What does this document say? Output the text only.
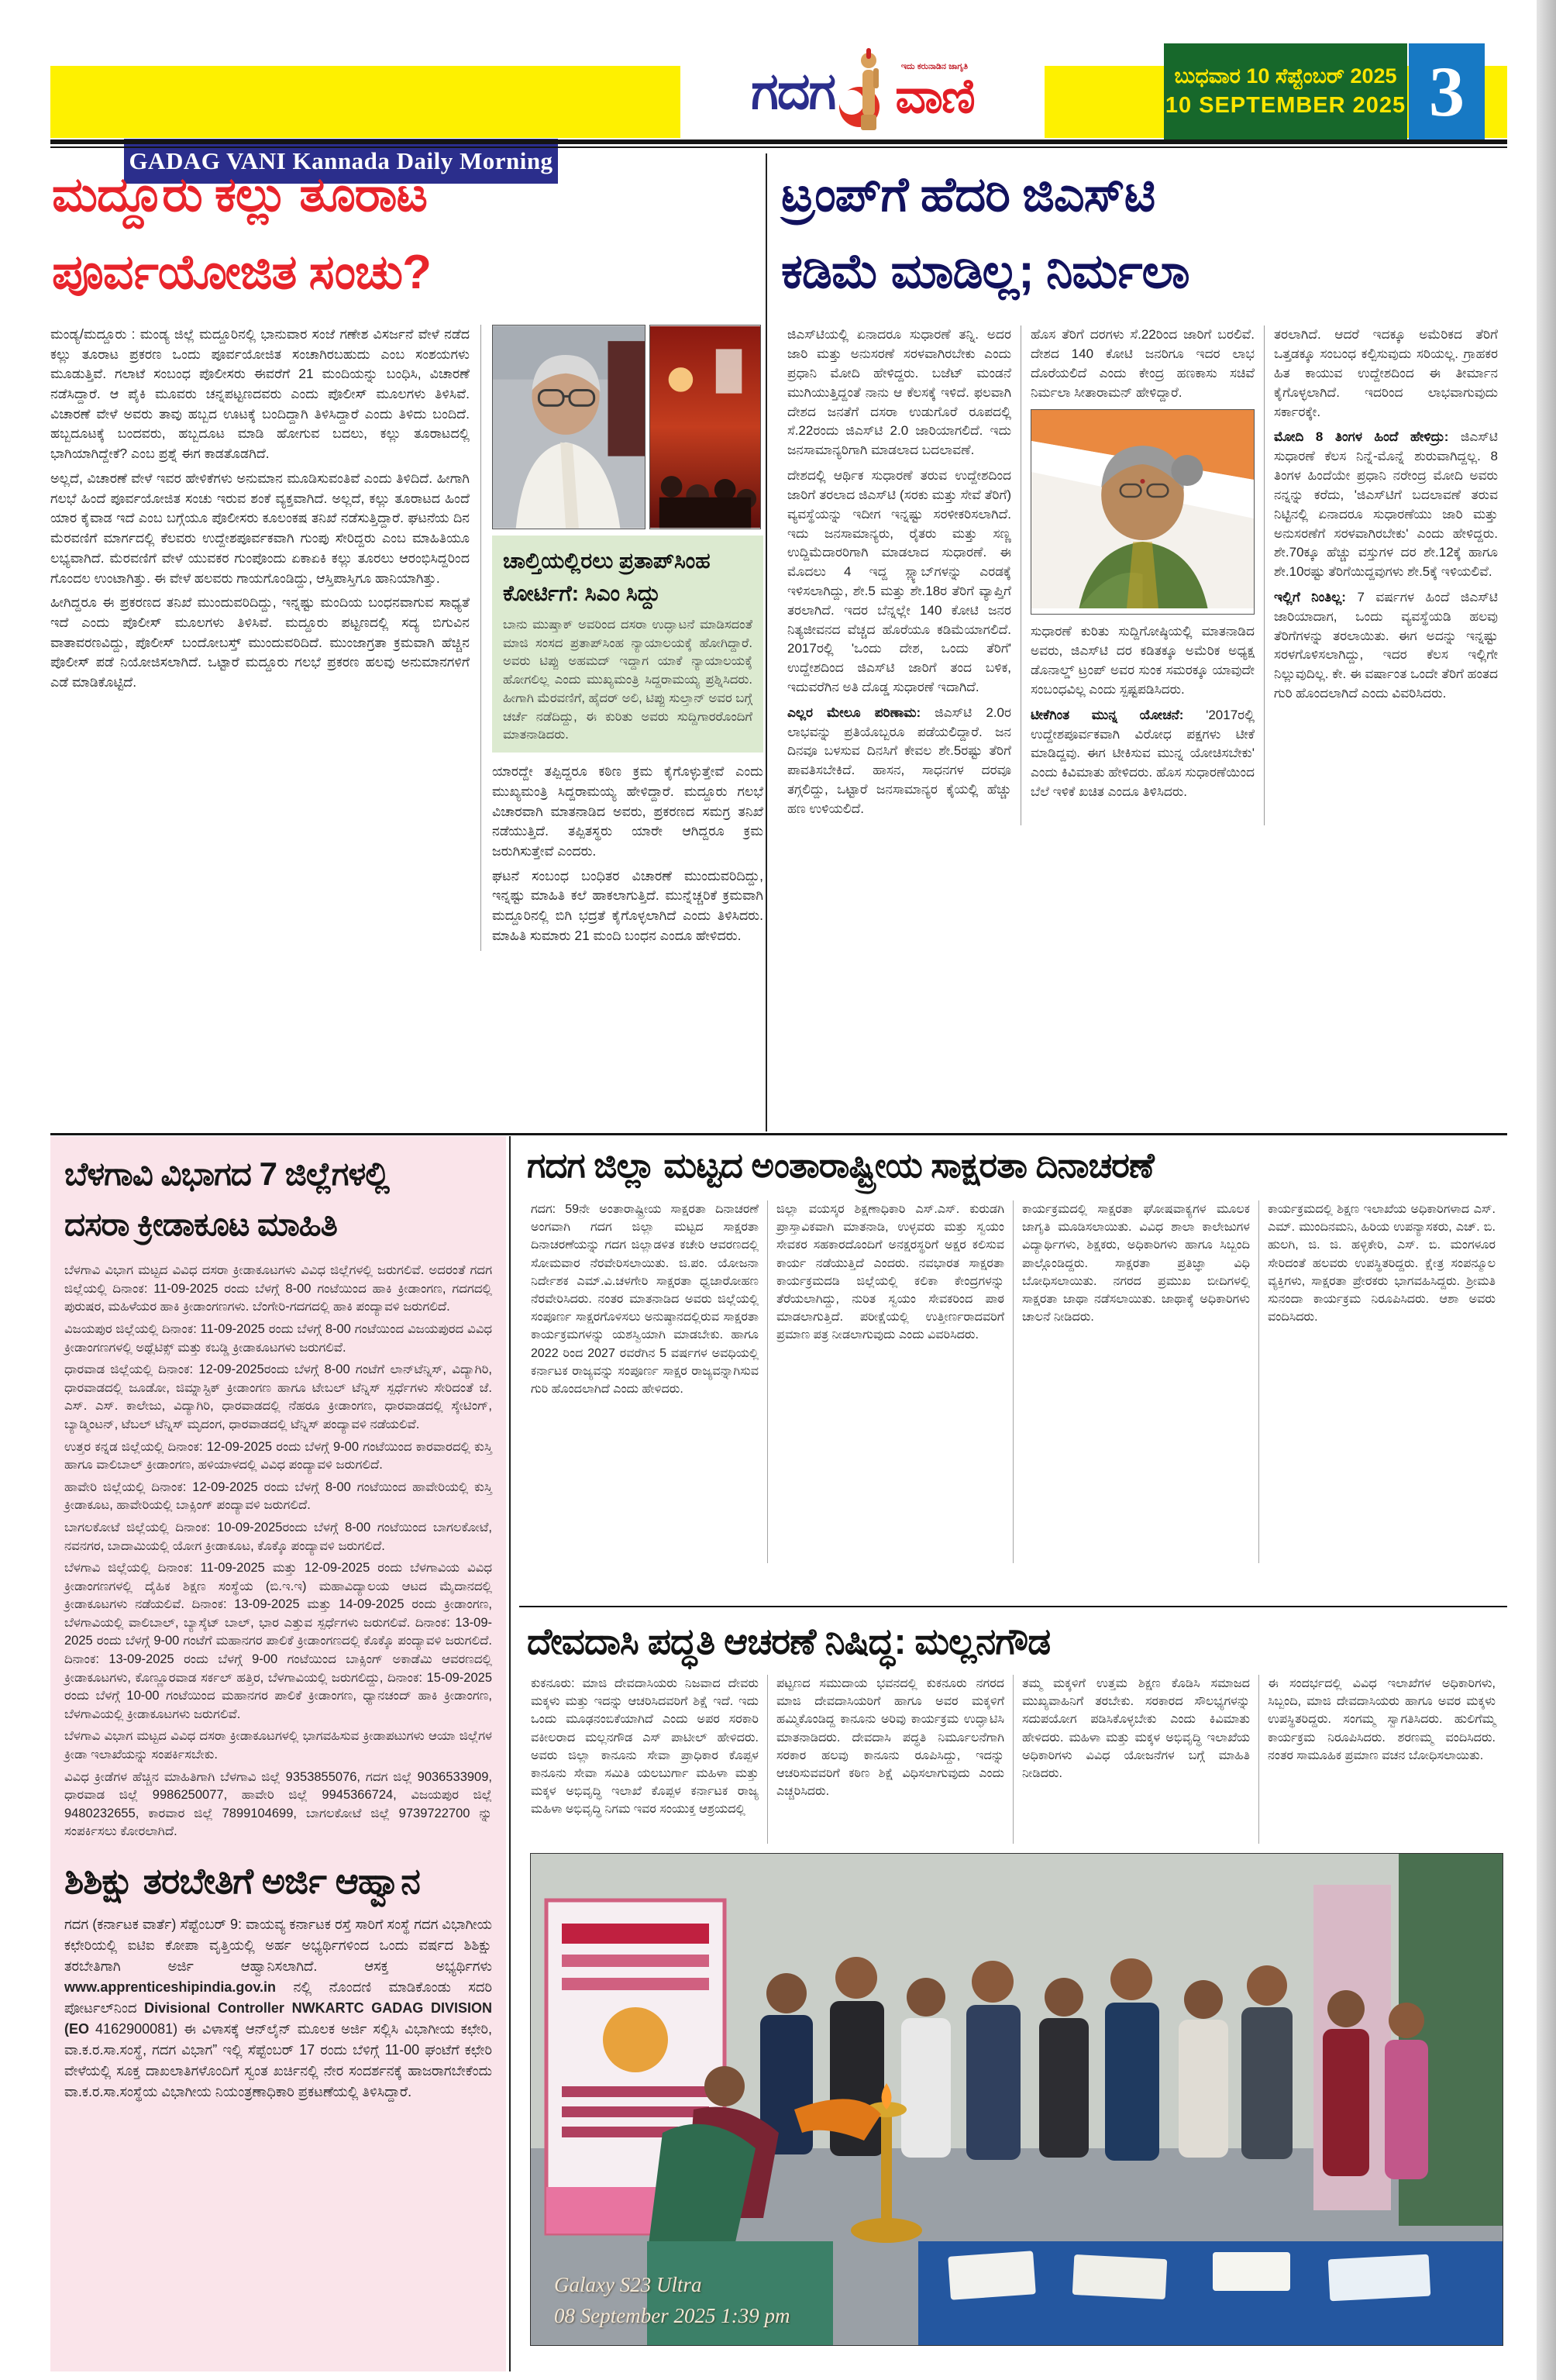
GADAG VANI Kannada Daily Morning
ಗದಗ	ಇದು ಕರುನಾಡಿನ ಜಾಗೃತಿ
ವಾಣಿ	ಬುಧವಾರ 10 ಸೆಪ್ಟೆಂಬರ್ 2025
10 SEPTEMBER 2025 3
ಮದ್ದೂರು ಕಲ್ಲು ತೂರಾಟ
ಪೂರ್ವಯೋಜಿತ ಸಂಚು?

ಮಂಡ್ಯ/ಮದ್ದೂರು : ಮಂಡ್ಯ ಜಿಲ್ಲೆ ಮದ್ದೂರಿನಲ್ಲಿ ಭಾನುವಾರ ಸಂಜೆ ಗಣೇಶ ವಿಸರ್ಜನೆ ವೇಳೆ ನಡೆದ ಕಲ್ಲು ತೂರಾಟ ಪ್ರಕರಣ ಒಂದು ಪೂರ್ವಯೋಜಿತ ಸಂಚಾಗಿರಬಹುದು ಎಂಬ ಸಂಶಯಗಳು ಮೂಡುತ್ತಿವೆ. ಗಲಾಟೆ ಸಂಬಂಧ ಪೊಲೀಸರು ಈವರೆಗೆ 21 ಮಂದಿಯನ್ನು ಬಂಧಿಸಿ, ವಿಚಾರಣೆ ನಡೆಸಿದ್ದಾರೆ. ಆ ಪೈಕಿ ಮೂವರು ಚನ್ನಪಟ್ಟಣದವರು ಎಂದು ಪೊಲೀಸ್ ಮೂಲಗಳು ತಿಳಿಸಿವೆ. ವಿಚಾರಣೆ ವೇಳೆ ಅವರು ತಾವು ಹಬ್ಬದ ಊಟಕ್ಕೆ ಬಂದಿದ್ದಾಗಿ ತಿಳಿಸಿದ್ದಾರೆ ಎಂದು ತಿಳಿದು ಬಂದಿದೆ. ಹಬ್ಬದೂಟಕ್ಕೆ ಬಂದವರು, ಹಬ್ಬದೂಟ ಮಾಡಿ ಹೋಗುವ ಬದಲು, ಕಲ್ಲು ತೂರಾಟದಲ್ಲಿ ಭಾಗಿಯಾಗಿದ್ದೇಕೆ? ಎಂಬ ಪ್ರಶ್ನೆ ಈಗ ಕಾಡತೊಡಗಿದೆ.

ಅಲ್ಲದೆ, ವಿಚಾರಣೆ ವೇಳೆ ಇವರ ಹೇಳಿಕೆಗಳು ಅನುಮಾನ ಮೂಡಿಸುವಂತಿವೆ ಎಂದು ತಿಳಿದಿದೆ. ಹೀಗಾಗಿ ಗಲಭೆ ಹಿಂದೆ ಪೂರ್ವಯೋಜಿತ ಸಂಚು ಇರುವ ಶಂಕೆ ವ್ಯಕ್ತವಾಗಿದೆ. ಅಲ್ಲದೆ, ಕಲ್ಲು ತೂರಾಟದ ಹಿಂದೆ ಯಾರ ಕೈವಾಡ ಇದೆ ಎಂಬ ಬಗ್ಗೆಯೂ ಪೊಲೀಸರು ಕೂಲಂಕಷ ತನಿಖೆ ನಡೆಸುತ್ತಿದ್ದಾರೆ. ಘಟನೆಯ ದಿನ ಮೆರವಣಿಗೆ ಮಾರ್ಗದಲ್ಲಿ ಕೆಲವರು ಉದ್ದೇಶಪೂರ್ವಕವಾಗಿ ಗುಂಪು ಸೇರಿದ್ದರು ಎಂಬ ಮಾಹಿತಿಯೂ ಲಭ್ಯವಾಗಿದೆ. ಮೆರವಣಿಗೆ ವೇಳೆ ಯುವಕರ ಗುಂಪೊಂದು ಏಕಾಏಕಿ ಕಲ್ಲು ತೂರಲು ಆರಂಭಿಸಿದ್ದರಿಂದ ಗೊಂದಲ ಉಂಟಾಗಿತ್ತು. ಈ ವೇಳೆ ಹಲವರು ಗಾಯಗೊಂಡಿದ್ದು, ಆಸ್ತಿಪಾಸ್ತಿಗೂ ಹಾನಿಯಾಗಿತ್ತು.

ಹೀಗಿದ್ದರೂ ಈ ಪ್ರಕರಣದ ತನಿಖೆ ಮುಂದುವರಿದಿದ್ದು, ಇನ್ನಷ್ಟು ಮಂದಿಯ ಬಂಧನವಾಗುವ ಸಾಧ್ಯತೆ ಇದೆ ಎಂದು ಪೊಲೀಸ್ ಮೂಲಗಳು ತಿಳಿಸಿವೆ. ಮದ್ದೂರು ಪಟ್ಟಣದಲ್ಲಿ ಸದ್ಯ ಬಿಗುವಿನ ವಾತಾವರಣವಿದ್ದು, ಪೊಲೀಸ್ ಬಂದೋಬಸ್ತ್ ಮುಂದುವರಿದಿದೆ. ಮುಂಜಾಗ್ರತಾ ಕ್ರಮವಾಗಿ ಹೆಚ್ಚಿನ ಪೊಲೀಸ್ ಪಡೆ ನಿಯೋಜಿಸಲಾಗಿದೆ. ಒಟ್ಟಾರೆ ಮದ್ದೂರು ಗಲಭೆ ಪ್ರಕರಣ ಹಲವು ಅನುಮಾನಗಳಿಗೆ ಎಡೆ ಮಾಡಿಕೊಟ್ಟಿದೆ.

ಚಾಲ್ತಿಯಲ್ಲಿರಲು ಪ್ರತಾಪ್‌ಸಿಂಹ
ಕೋರ್ಟಿಗೆ: ಸಿಎಂ ಸಿದ್ದು

ಬಾನು ಮುಷ್ತಾಕ್ ಅವರಿಂದ ದಸರಾ ಉದ್ಘಾಟನೆ ಮಾಡಿಸದಂತೆ ಮಾಜಿ ಸಂಸದ ಪ್ರತಾಪ್‌ಸಿಂಹ ನ್ಯಾಯಾಲಯಕ್ಕೆ ಹೋಗಿದ್ದಾರೆ. ಅವರು ಟಿಪ್ಪು ಅಹಮದ್ ಇದ್ದಾಗ ಯಾಕೆ ನ್ಯಾಯಾಲಯಕ್ಕೆ ಹೋಗಲಿಲ್ಲ ಎಂದು ಮುಖ್ಯಮಂತ್ರಿ ಸಿದ್ದರಾಮಯ್ಯ ಪ್ರಶ್ನಿಸಿದರು. ಹೀಗಾಗಿ ಮೆರವಣಿಗೆ, ಹೈದರ್ ಅಲಿ, ಟಿಪ್ಪು ಸುಲ್ತಾನ್ ಅವರ ಬಗ್ಗೆ ಚರ್ಚೆ ನಡೆದಿದ್ದು, ಈ ಕುರಿತು ಅವರು ಸುದ್ದಿಗಾರರೊಂದಿಗೆ ಮಾತನಾಡಿದರು.

ಯಾರದ್ದೇ ತಪ್ಪಿದ್ದರೂ ಕಠಿಣ ಕ್ರಮ ಕೈಗೊಳ್ಳುತ್ತೇವೆ ಎಂದು ಮುಖ್ಯಮಂತ್ರಿ ಸಿದ್ದರಾಮಯ್ಯ ಹೇಳಿದ್ದಾರೆ. ಮದ್ದೂರು ಗಲಭೆ ವಿಚಾರವಾಗಿ ಮಾತನಾಡಿದ ಅವರು, ಪ್ರಕರಣದ ಸಮಗ್ರ ತನಿಖೆ ನಡೆಯುತ್ತಿದೆ. ತಪ್ಪಿತಸ್ಥರು ಯಾರೇ ಆಗಿದ್ದರೂ ಕ್ರಮ ಜರುಗಿಸುತ್ತೇವೆ ಎಂದರು.

ಘಟನೆ ಸಂಬಂಧ ಬಂಧಿತರ ವಿಚಾರಣೆ ಮುಂದುವರಿದಿದ್ದು, ಇನ್ನಷ್ಟು ಮಾಹಿತಿ ಕಲೆ ಹಾಕಲಾಗುತ್ತಿದೆ. ಮುನ್ನೆಚ್ಚರಿಕೆ ಕ್ರಮವಾಗಿ ಮದ್ದೂರಿನಲ್ಲಿ ಬಿಗಿ ಭದ್ರತೆ ಕೈಗೊಳ್ಳಲಾಗಿದೆ ಎಂದು ತಿಳಿಸಿದರು. ಮಾಹಿತಿ ಸುಮಾರು 21 ಮಂದಿ ಬಂಧನ ಎಂದೂ ಹೇಳಿದರು.

ಟ್ರಂಪ್‌ಗೆ ಹೆದರಿ ಜಿಎಸ್‌ಟಿ
ಕಡಿಮೆ ಮಾಡಿಲ್ಲ; ನಿರ್ಮಲಾ

ಜಿಎಸ್‌ಟಿಯಲ್ಲಿ ಏನಾದರೂ ಸುಧಾರಣೆ ತನ್ನಿ. ಅದರ ಜಾರಿ ಮತ್ತು ಅನುಸರಣೆ ಸರಳವಾಗಿರಬೇಕು ಎಂದು ಪ್ರಧಾನಿ ಮೋದಿ ಹೇಳಿದ್ದರು. ಬಜೆಟ್ ಮಂಡನೆ ಮುಗಿಯುತ್ತಿದ್ದಂತೆ ನಾನು ಆ ಕೆಲಸಕ್ಕೆ ಇಳಿದೆ. ಫಲವಾಗಿ ದೇಶದ ಜನತೆಗೆ ದಸರಾ ಉಡುಗೊರೆ ರೂಪದಲ್ಲಿ ಸೆ.22ರಂದು ಜಿಎಸ್‌ಟಿ 2.0 ಜಾರಿಯಾಗಲಿದೆ. ಇದು ಜನಸಾಮಾನ್ಯರಿಗಾಗಿ ಮಾಡಲಾದ ಬದಲಾವಣೆ.

ದೇಶದಲ್ಲಿ ಆರ್ಥಿಕ ಸುಧಾರಣೆ ತರುವ ಉದ್ದೇಶದಿಂದ ಜಾರಿಗೆ ತರಲಾದ ಜಿಎಸ್‌ಟಿ (ಸರಕು ಮತ್ತು ಸೇವೆ ತೆರಿಗೆ) ವ್ಯವಸ್ಥೆಯನ್ನು ಇದೀಗ ಇನ್ನಷ್ಟು ಸರಳೀಕರಿಸಲಾಗಿದೆ. ಇದು ಜನಸಾಮಾನ್ಯರು, ರೈತರು ಮತ್ತು ಸಣ್ಣ ಉದ್ದಿಮೆದಾರರಿಗಾಗಿ ಮಾಡಲಾದ ಸುಧಾರಣೆ. ಈ ಮೊದಲು 4 ಇದ್ದ ಸ್ಲ್ಯಾಬ್‌ಗಳನ್ನು ಎರಡಕ್ಕೆ ಇಳಿಸಲಾಗಿದ್ದು, ಶೇ.5 ಮತ್ತು ಶೇ.18ರ ತೆರಿಗೆ ವ್ಯಾಪ್ತಿಗೆ ತರಲಾಗಿದೆ. ಇದರ ಬೆನ್ನಲ್ಲೇ 140 ಕೋಟಿ ಜನರ ನಿತ್ಯಜೀವನದ ವೆಚ್ಚದ ಹೊರೆಯೂ ಕಡಿಮೆಯಾಗಲಿದೆ. 2017ರಲ್ಲಿ 'ಒಂದು ದೇಶ, ಒಂದು ತೆರಿಗೆ' ಉದ್ದೇಶದಿಂದ ಜಿಎಸ್‌ಟಿ ಜಾರಿಗೆ ತಂದ ಬಳಿಕ, ಇದುವರೆಗಿನ ಅತಿ ದೊಡ್ಡ ಸುಧಾರಣೆ ಇದಾಗಿದೆ.

ಎಲ್ಲರ ಮೇಲೂ ಪರಿಣಾಮ: ಜಿಎಸ್‌ಟಿ 2.0ರ ಲಾಭವನ್ನು ಪ್ರತಿಯೊಬ್ಬರೂ ಪಡೆಯಲಿದ್ದಾರೆ. ಜನ ದಿನವೂ ಬಳಸುವ ದಿನಸಿಗೆ ಕೇವಲ ಶೇ.5ರಷ್ಟು ತೆರಿಗೆ ಪಾವತಿಸಬೇಕಿದೆ. ಹಾಸನ, ಸಾಧನಗಳ ದರವೂ ತಗ್ಗಲಿದ್ದು, ಒಟ್ಟಾರೆ ಜನಸಾಮಾನ್ಯರ ಕೈಯಲ್ಲಿ ಹೆಚ್ಚು ಹಣ ಉಳಿಯಲಿದೆ.

ಹೊಸ ತೆರಿಗೆ ದರಗಳು ಸೆ.22ರಿಂದ ಜಾರಿಗೆ ಬರಲಿವೆ. ದೇಶದ 140 ಕೋಟಿ ಜನರಿಗೂ ಇದರ ಲಾಭ ದೊರೆಯಲಿದೆ ಎಂದು ಕೇಂದ್ರ ಹಣಕಾಸು ಸಚಿವೆ ನಿರ್ಮಲಾ ಸೀತಾರಾಮನ್ ಹೇಳಿದ್ದಾರೆ.

ಸುಧಾರಣೆ ಕುರಿತು ಸುದ್ದಿಗೋಷ್ಠಿಯಲ್ಲಿ ಮಾತನಾಡಿದ ಅವರು, ಜಿಎಸ್‌ಟಿ ದರ ಕಡಿತಕ್ಕೂ ಅಮೆರಿಕ ಅಧ್ಯಕ್ಷ ಡೊನಾಲ್ಡ್ ಟ್ರಂಪ್ ಅವರ ಸುಂಕ ಸಮರಕ್ಕೂ ಯಾವುದೇ ಸಂಬಂಧವಿಲ್ಲ ಎಂದು ಸ್ಪಷ್ಟಪಡಿಸಿದರು.

ಟೀಕೆಗಿಂತ ಮುನ್ನ ಯೋಚನೆ: '2017ರಲ್ಲಿ ಉದ್ದೇಶಪೂರ್ವಕವಾಗಿ ವಿರೋಧ ಪಕ್ಷಗಳು ಟೀಕೆ ಮಾಡಿದ್ದವು. ಈಗ ಟೀಕಿಸುವ ಮುನ್ನ ಯೋಚಿಸಬೇಕು' ಎಂದು ಕಿವಿಮಾತು ಹೇಳಿದರು. ಹೊಸ ಸುಧಾರಣೆಯಿಂದ ಬೆಲೆ ಇಳಿಕೆ ಖಚಿತ ಎಂದೂ ತಿಳಿಸಿದರು.

ತರಲಾಗಿದೆ. ಆದರೆ ಇದಕ್ಕೂ ಅಮೆರಿಕದ ತೆರಿಗೆ ಒತ್ತಡಕ್ಕೂ ಸಂಬಂಧ ಕಲ್ಪಿಸುವುದು ಸರಿಯಲ್ಲ. ಗ್ರಾಹಕರ ಹಿತ ಕಾಯುವ ಉದ್ದೇಶದಿಂದ ಈ ತೀರ್ಮಾನ ಕೈಗೊಳ್ಳಲಾಗಿದೆ. ಇದರಿಂದ ಲಾಭವಾಗುವುದು ಸರ್ಕಾರಕ್ಕೇ.

ಮೋದಿ 8 ತಿಂಗಳ ಹಿಂದೆ ಹೇಳಿದ್ರು: ಜಿಎಸ್‌ಟಿ ಸುಧಾರಣೆ ಕೆಲಸ ನಿನ್ನೆ-ಮೊನ್ನೆ ಶುರುವಾಗಿದ್ದಲ್ಲ. 8 ತಿಂಗಳ ಹಿಂದೆಯೇ ಪ್ರಧಾನಿ ನರೇಂದ್ರ ಮೋದಿ ಅವರು ನನ್ನನ್ನು ಕರೆದು, 'ಜಿಎಸ್‌ಟಿಗೆ ಬದಲಾವಣೆ ತರುವ ನಿಟ್ಟಿನಲ್ಲಿ ಏನಾದರೂ ಸುಧಾರಣೆಯು ಜಾರಿ ಮತ್ತು ಅನುಸರಣೆಗೆ ಸರಳವಾಗಿರಬೇಕು' ಎಂದು ಹೇಳಿದ್ದರು. ಶೇ.70ಕ್ಕೂ ಹೆಚ್ಚು ವಸ್ತುಗಳ ದರ ಶೇ.12ಕ್ಕೆ ಹಾಗೂ ಶೇ.10ರಷ್ಟು ತೆರಿಗೆಯಿದ್ದವುಗಳು ಶೇ.5ಕ್ಕೆ ಇಳಿಯಲಿವೆ.

ಇಲ್ಲಿಗೆ ನಿಂತಿಲ್ಲ: 7 ವರ್ಷಗಳ ಹಿಂದೆ ಜಿಎಸ್‌ಟಿ ಜಾರಿಯಾದಾಗ, ಒಂದು ವ್ಯವಸ್ಥೆಯಡಿ ಹಲವು ತೆರಿಗೆಗಳನ್ನು ತರಲಾಯಿತು. ಈಗ ಅದನ್ನು ಇನ್ನಷ್ಟು ಸರಳಗೊಳಿಸಲಾಗಿದ್ದು, ಇದರ ಕೆಲಸ ಇಲ್ಲಿಗೇ ನಿಲ್ಲುವುದಿಲ್ಲ. ಕೇ. ಈ ವರ್ಷಾಂತ ಒಂದೇ ತೆರಿಗೆ ಹಂತದ ಗುರಿ ಹೊಂದಲಾಗಿದೆ ಎಂದು ವಿವರಿಸಿದರು.

ಬೆಳಗಾವಿ ವಿಭಾಗದ 7 ಜಿಲ್ಲೆಗಳಲ್ಲಿ
ದಸರಾ ಕ್ರೀಡಾಕೂಟ ಮಾಹಿತಿ

ಬೆಳಗಾವಿ ವಿಭಾಗ ಮಟ್ಟದ ವಿವಿಧ ದಸರಾ ಕ್ರೀಡಾಕೂಟಗಳು ವಿವಿಧ ಜಿಲ್ಲೆಗಳಲ್ಲಿ ಜರುಗಲಿವೆ. ಅದರಂತೆ ಗದಗ ಜಿಲ್ಲೆಯಲ್ಲಿ ದಿನಾಂಕ: 11-09-2025 ರಂದು ಬೆಳಗ್ಗೆ 8-00 ಗಂಟೆಯಿಂದ ಹಾಕಿ ಕ್ರೀಡಾಂಗಣ, ಗದಗದಲ್ಲಿ ಪುರುಷರ, ಮಹಿಳೆಯರ ಹಾಕಿ ಕ್ರೀಡಾಂಗಣಗಳು. ಬೆಂಗೇರಿ-ಗದಗದಲ್ಲಿ ಹಾಕಿ ಪಂದ್ಯಾವಳಿ ಜರುಗಲಿದೆ.

ವಿಜಯಪುರ ಜಿಲ್ಲೆಯಲ್ಲಿ ದಿನಾಂಕ: 11-09-2025 ರಂದು ಬೆಳಗ್ಗೆ 8-00 ಗಂಟೆಯಿಂದ ವಿಜಯಪುರದ ವಿವಿಧ ಕ್ರೀಡಾಂಗಣಗಳಲ್ಲಿ ಅಥ್ಲೆಟಿಕ್ಸ್ ಮತ್ತು ಕಬಡ್ಡಿ ಕ್ರೀಡಾಕೂಟಗಳು ಜರುಗಲಿವೆ.

ಧಾರವಾಡ ಜಿಲ್ಲೆಯಲ್ಲಿ ದಿನಾಂಕ: 12-09-2025ರಂದು ಬೆಳಗ್ಗೆ 8-00 ಗಂಟೆಗೆ ಲಾನ್‌ಟೆನ್ನಿಸ್, ವಿದ್ಯಾಗಿರಿ, ಧಾರವಾಡದಲ್ಲಿ ಜೂಡೋ, ಜಿಮ್ನಾಸ್ಟಿಕ್ ಕ್ರೀಡಾಂಗಣ ಹಾಗೂ ಟೇಬಲ್ ಟೆನ್ನಿಸ್ ಸ್ಪರ್ಧೆಗಳು ಸೇರಿದಂತೆ ಜೆ. ಎಸ್. ಎಸ್. ಕಾಲೇಜು, ವಿದ್ಯಾಗಿರಿ, ಧಾರವಾಡದಲ್ಲಿ ನೆಹರೂ ಕ್ರೀಡಾಂಗಣ, ಧಾರವಾಡದಲ್ಲಿ ಸ್ಕೇಟಿಂಗ್, ಬ್ಯಾಡ್ಮಿಂಟನ್, ಟೆಬಲ್ ಟೆನ್ನಿಸ್ ಮೃದಂಗ, ಧಾರವಾಡದಲ್ಲಿ ಟೆನ್ನಿಸ್ ಪಂದ್ಯಾವಳಿ ನಡೆಯಲಿವೆ.

ಉತ್ತರ ಕನ್ನಡ ಜಿಲ್ಲೆಯಲ್ಲಿ ದಿನಾಂಕ: 12-09-2025 ರಂದು ಬೆಳಗ್ಗೆ 9-00 ಗಂಟೆಯಿಂದ ಕಾರವಾರದಲ್ಲಿ ಕುಸ್ತಿ ಹಾಗೂ ವಾಲಿಬಾಲ್ ಕ್ರೀಡಾಂಗಣ, ಹಳಿಯಾಳದಲ್ಲಿ ವಿವಿಧ ಪಂದ್ಯಾವಳಿ ಜರುಗಲಿದೆ.

ಹಾವೇರಿ ಜಿಲ್ಲೆಯಲ್ಲಿ ದಿನಾಂಕ: 12-09-2025 ರಂದು ಬೆಳಗ್ಗೆ 8-00 ಗಂಟೆಯಿಂದ ಹಾವೇರಿಯಲ್ಲಿ ಕುಸ್ತಿ ಕ್ರೀಡಾಕೂಟ, ಹಾವೇರಿಯಲ್ಲಿ ಬಾಕ್ಸಿಂಗ್ ಪಂದ್ಯಾವಳಿ ಜರುಗಲಿದೆ.

ಬಾಗಲಕೋಟೆ ಜಿಲ್ಲೆಯಲ್ಲಿ ದಿನಾಂಕ: 10-09-2025ರಂದು ಬೆಳಗ್ಗೆ 8-00 ಗಂಟೆಯಿಂದ ಬಾಗಲಕೋಟೆ, ನವನಗರ, ಬಾದಾಮಿಯಲ್ಲಿ ಯೋಗ ಕ್ರೀಡಾಕೂಟ, ಕೊಕ್ಕೊ ಪಂದ್ಯಾವಳಿ ಜರುಗಲಿದೆ.

ಬೆಳಗಾವಿ ಜಿಲ್ಲೆಯಲ್ಲಿ ದಿನಾಂಕ: 11-09-2025 ಮತ್ತು 12-09-2025 ರಂದು ಬೆಳಗಾವಿಯ ವಿವಿಧ ಕ್ರೀಡಾಂಗಣಗಳಲ್ಲಿ ದೈಹಿಕ ಶಿಕ್ಷಣ ಸಂಸ್ಥೆಯ (ಬಿ.ಇ.ಇ) ಮಹಾವಿದ್ಯಾಲಯ ಆಟದ ಮೈದಾನದಲ್ಲಿ ಕ್ರೀಡಾಕೂಟಗಳು ನಡೆಯಲಿವೆ. ದಿನಾಂಕ: 13-09-2025 ಮತ್ತು 14-09-2025 ರಂದು ಕ್ರೀಡಾಂಗಣ, ಬೆಳಗಾವಿಯಲ್ಲಿ ವಾಲಿಬಾಲ್, ಬ್ಯಾಸ್ಕೆಟ್ ಬಾಲ್, ಭಾರ ಎತ್ತುವ ಸ್ಪರ್ಧೆಗಳು ಜರುಗಲಿವೆ. ದಿನಾಂಕ: 13-09-2025 ರಂದು ಬೆಳಗ್ಗೆ 9-00 ಗಂಟೆಗೆ ಮಹಾನಗರ ಪಾಲಿಕೆ ಕ್ರೀಡಾಂಗಣದಲ್ಲಿ ಕೊಕ್ಕೊ ಪಂದ್ಯಾವಳಿ ಜರುಗಲಿದೆ. ದಿನಾಂಕ: 13-09-2025 ರಂದು ಬೆಳಗ್ಗೆ 9-00 ಗಂಟೆಯಿಂದ ಬಾಕ್ಸಿಂಗ್ ಅಕಾಡೆಮಿ ಆವರಣದಲ್ಲಿ ಕ್ರೀಡಾಕೂಟಗಳು, ಕೊಣ್ಣೂರವಾಡ ಸರ್ಕಲ್ ಹತ್ತಿರ, ಬೆಳಗಾವಿಯಲ್ಲಿ ಜರುಗಲಿದ್ದು, ದಿನಾಂಕ: 15-09-2025 ರಂದು ಬೆಳಗ್ಗೆ 10-00 ಗಂಟೆಯಿಂದ ಮಹಾನಗರ ಪಾಲಿಕೆ ಕ್ರೀಡಾಂಗಣ, ಧ್ಯಾನಚಂದ್ ಹಾಕಿ ಕ್ರೀಡಾಂಗಣ, ಬೆಳಗಾವಿಯಲ್ಲಿ ಕ್ರೀಡಾಕೂಟಗಳು ಜರುಗಲಿವೆ.

ಬೆಳಗಾವಿ ವಿಭಾಗ ಮಟ್ಟದ ವಿವಿಧ ದಸರಾ ಕ್ರೀಡಾಕೂಟಗಳಲ್ಲಿ ಭಾಗವಹಿಸುವ ಕ್ರೀಡಾಪಟುಗಳು ಆಯಾ ಜಿಲ್ಲೆಗಳ ಕ್ರೀಡಾ ಇಲಾಖೆಯನ್ನು ಸಂಪರ್ಕಿಸಬೇಕು.

ವಿವಿಧ ಕ್ರೀಡೆಗಳ ಹೆಚ್ಚಿನ ಮಾಹಿತಿಗಾಗಿ ಬೆಳಗಾವಿ ಜಿಲ್ಲೆ 9353855076, ಗದಗ ಜಿಲ್ಲೆ 9036533909, ಧಾರವಾಡ ಜಿಲ್ಲೆ 9986250077, ಹಾವೇರಿ ಜಿಲ್ಲೆ 9945366724, ವಿಜಯಪುರ ಜಿಲ್ಲೆ 9480232655, ಕಾರವಾರ ಜಿಲ್ಲೆ 7899104699, ಬಾಗಲಕೋಟೆ ಜಿಲ್ಲೆ 9739722700 ನ್ನು ಸಂಪರ್ಕಿಸಲು ಕೋರಲಾಗಿದೆ.

ಶಿಶಿಕ್ಷು ತರಬೇತಿಗೆ ಅರ್ಜಿ ಆಹ್ವಾನ

ಗದಗ (ಕರ್ನಾಟಕ ವಾರ್ತೆ) ಸೆಪ್ಟೆಂಬರ್ 9: ವಾಯವ್ಯ ಕರ್ನಾಟಕ ರಸ್ತೆ ಸಾರಿಗೆ ಸಂಸ್ಥೆ ಗದಗ ವಿಭಾಗೀಯ ಕಛೇರಿಯಲ್ಲಿ ಐಟಿಐ ಕೋಪಾ ವೃತ್ತಿಯಲ್ಲಿ ಅರ್ಹ ಅಭ್ಯರ್ಥಿಗಳಿಂದ ಒಂದು ವರ್ಷದ ಶಿಶಿಕ್ಷು ತರಬೇತಿಗಾಗಿ ಅರ್ಜಿ ಆಹ್ವಾನಿಸಲಾಗಿದೆ. ಆಸಕ್ತ ಅಭ್ಯರ್ಥಿಗಳು www.apprenticeshipindia.gov.in ನಲ್ಲಿ ನೊಂದಣಿ ಮಾಡಿಕೊಂಡು ಸದರಿ ಪೋರ್ಟಲ್‌ನಿಂದ Divisional Controller NWKARTC GADAG DIVISION (EO 4162900081) ಈ ವಿಳಾಸಕ್ಕೆ ಆನ್‌ಲೈನ್ ಮೂಲಕ ಅರ್ಜಿ ಸಲ್ಲಿಸಿ ವಿಭಾಗೀಯ ಕಛೇರಿ, ವಾ.ಕ.ರ.ಸಾ.ಸಂಸ್ಥೆ, ಗದಗ ವಿಭಾಗ” ಇಲ್ಲಿ ಸೆಪ್ಟೆಂಬರ್ 17 ರಂದು ಬೆಳಿಗ್ಗೆ 11-00 ಘಂಟೆಗೆ ಕಛೇರಿ ವೇಳೆಯಲ್ಲಿ ಸೂಕ್ತ ದಾಖಲಾತಿಗಳೊಂದಿಗೆ ಸ್ವಂತ ಖರ್ಚಿನಲ್ಲಿ ನೇರ ಸಂದರ್ಶನಕ್ಕೆ ಹಾಜರಾಗಬೇಕೆಂದು ವಾ.ಕ.ರ.ಸಾ.ಸಂಸ್ಥೆಯ ವಿಭಾಗೀಯ ನಿಯಂತ್ರಣಾಧಿಕಾರಿ ಪ್ರಕಟಣೆಯಲ್ಲಿ ತಿಳಿಸಿದ್ದಾರೆ.

ಗದಗ ಜಿಲ್ಲಾ ಮಟ್ಟದ ಅಂತಾರಾಷ್ಟ್ರೀಯ ಸಾಕ್ಷರತಾ ದಿನಾಚರಣೆ
ಗದಗ: 59ನೇ ಅಂತಾರಾಷ್ಟ್ರೀಯ ಸಾಕ್ಷರತಾ ದಿನಾಚರಣೆ ಅಂಗವಾಗಿ ಗದಗ ಜಿಲ್ಲಾ ಮಟ್ಟದ ಸಾಕ್ಷರತಾ ದಿನಾಚರಣೆಯನ್ನು ಗದಗ ಜಿಲ್ಲಾಡಳಿತ ಕಚೇರಿ ಆವರಣದಲ್ಲಿ ಸೋಮವಾರ ನೆರವೇರಿಸಲಾಯಿತು. ಜಿ.ಪಂ. ಯೋಜನಾ ನಿರ್ದೇಶಕ ಎಮ್.ವಿ.ಚಳಗೇರಿ ಸಾಕ್ಷರತಾ ಧ್ವಜಾರೋಹಣ ನೆರವೇರಿಸಿದರು. ನಂತರ ಮಾತನಾಡಿದ ಅವರು ಜಿಲ್ಲೆಯಲ್ಲಿ ಸಂಪೂರ್ಣ ಸಾಕ್ಷರಗೊಳಿಸಲು ಅನುಷ್ಠಾನದಲ್ಲಿರುವ ಸಾಕ್ಷರತಾ ಕಾರ್ಯಕ್ರಮಗಳನ್ನು ಯಶಸ್ವಿಯಾಗಿ ಮಾಡಬೇಕು. ಹಾಗೂ 2022 ರಿಂದ 2027 ರವರೆಗಿನ 5 ವರ್ಷಗಳ ಅವಧಿಯಲ್ಲಿ ಕರ್ನಾಟಕ ರಾಜ್ಯವನ್ನು ಸಂಪೂರ್ಣ ಸಾಕ್ಷರ ರಾಜ್ಯವನ್ನಾಗಿಸುವ ಗುರಿ ಹೊಂದಲಾಗಿದೆ ಎಂದು ಹೇಳಿದರು.
ಜಿಲ್ಲಾ ವಯಸ್ಕರ ಶಿಕ್ಷಣಾಧಿಕಾರಿ ಎಸ್.ಎಸ್. ಕುರುಡಗಿ ಪ್ರಾಸ್ತಾವಿಕವಾಗಿ ಮಾತನಾಡಿ, ಉಳ್ಳವರು ಮತ್ತು ಸ್ವಯಂ ಸೇವಕರ ಸಹಕಾರದೊಂದಿಗೆ ಅನಕ್ಷರಸ್ಥರಿಗೆ ಅಕ್ಷರ ಕಲಿಸುವ ಕಾರ್ಯ ನಡೆಯುತ್ತಿದೆ ಎಂದರು. ನವಭಾರತ ಸಾಕ್ಷರತಾ ಕಾರ್ಯಕ್ರಮದಡಿ ಜಿಲ್ಲೆಯಲ್ಲಿ ಕಲಿಕಾ ಕೇಂದ್ರಗಳನ್ನು ತೆರೆಯಲಾಗಿದ್ದು, ನುರಿತ ಸ್ವಯಂ ಸೇವಕರಿಂದ ಪಾಠ ಮಾಡಲಾಗುತ್ತಿದೆ. ಪರೀಕ್ಷೆಯಲ್ಲಿ ಉತ್ತೀರ್ಣರಾದವರಿಗೆ ಪ್ರಮಾಣ ಪತ್ರ ನೀಡಲಾಗುವುದು ಎಂದು ವಿವರಿಸಿದರು.
ಕಾರ್ಯಕ್ರಮದಲ್ಲಿ ಸಾಕ್ಷರತಾ ಘೋಷವಾಕ್ಯಗಳ ಮೂಲಕ ಜಾಗೃತಿ ಮೂಡಿಸಲಾಯಿತು. ವಿವಿಧ ಶಾಲಾ ಕಾಲೇಜುಗಳ ವಿದ್ಯಾರ್ಥಿಗಳು, ಶಿಕ್ಷಕರು, ಅಧಿಕಾರಿಗಳು ಹಾಗೂ ಸಿಬ್ಬಂದಿ ಪಾಲ್ಗೊಂಡಿದ್ದರು. ಸಾಕ್ಷರತಾ ಪ್ರತಿಜ್ಞಾ ವಿಧಿ ಬೋಧಿಸಲಾಯಿತು. ನಗರದ ಪ್ರಮುಖ ಬೀದಿಗಳಲ್ಲಿ ಸಾಕ್ಷರತಾ ಜಾಥಾ ನಡೆಸಲಾಯಿತು. ಜಾಥಾಕ್ಕೆ ಅಧಿಕಾರಿಗಳು ಚಾಲನೆ ನೀಡಿದರು.
ಕಾರ್ಯಕ್ರಮದಲ್ಲಿ ಶಿಕ್ಷಣ ಇಲಾಖೆಯ ಅಧಿಕಾರಿಗಳಾದ ಎಸ್. ಎಮ್. ಮುಂದಿನಮನಿ, ಹಿರಿಯ ಉಪನ್ಯಾಸಕರು, ಎಚ್. ಬಿ. ಹುಲಗಿ, ಜಿ. ಜಿ. ಹಳ್ಳಿಕೇರಿ, ಎಸ್. ಬಿ. ಮಂಗಳೂರ ಸೇರಿದಂತೆ ಹಲವರು ಉಪಸ್ಥಿತರಿದ್ದರು. ಕ್ಷೇತ್ರ ಸಂಪನ್ಮೂಲ ವ್ಯಕ್ತಿಗಳು, ಸಾಕ್ಷರತಾ ಪ್ರೇರಕರು ಭಾಗವಹಿಸಿದ್ದರು. ಶ್ರೀಮತಿ ಸುನಂದಾ ಕಾರ್ಯಕ್ರಮ ನಿರೂಪಿಸಿದರು. ಆಶಾ ಅವರು ವಂದಿಸಿದರು.
ದೇವದಾಸಿ ಪದ್ಧತಿ ಆಚರಣೆ ನಿಷಿದ್ಧ: ಮಲ್ಲನಗೌಡ
ಕುಕನೂರು: ಮಾಜಿ ದೇವದಾಸಿಯರು ನಿಜವಾದ ದೇವರು ಮಕ್ಕಳು ಮತ್ತು ಇದನ್ನು ಆಚರಿಸಿದವರಿಗೆ ಶಿಕ್ಷೆ ಇದೆ. ಇದು ಒಂದು ಮೂಢನಂಬಿಕೆಯಾಗಿದೆ ಎಂದು ಅಪರ ಸರಕಾರಿ ವಕೀಲರಾದ ಮಲ್ಲನಗೌಡ ಎಸ್ ಪಾಟೀಲ್ ಹೇಳಿದರು. ಅವರು ಜಿಲ್ಲಾ ಕಾನೂನು ಸೇವಾ ಪ್ರಾಧಿಕಾರ ಕೊಪ್ಪಳ ಕಾನೂನು ಸೇವಾ ಸಮಿತಿ ಯಲಬುರ್ಗಾ ಮಹಿಳಾ ಮತ್ತು ಮಕ್ಕಳ ಅಭಿವೃದ್ಧಿ ಇಲಾಖೆ ಕೊಪ್ಪಳ ಕರ್ನಾಟಕ ರಾಜ್ಯ ಮಹಿಳಾ ಅಭಿವೃದ್ಧಿ ನಿಗಮ ಇವರ ಸಂಯುಕ್ತ ಆಶ್ರಯದಲ್ಲಿ
ಪಟ್ಟಣದ ಸಮುದಾಯ ಭವನದಲ್ಲಿ ಕುಕನೂರು ನಗರದ ಮಾಜಿ ದೇವದಾಸಿಯರಿಗೆ ಹಾಗೂ ಅವರ ಮಕ್ಕಳಿಗೆ ಹಮ್ಮಿಕೊಂಡಿದ್ದ ಕಾನೂನು ಅರಿವು ಕಾರ್ಯಕ್ರಮ ಉದ್ಘಾಟಿಸಿ ಮಾತನಾಡಿದರು. ದೇವದಾಸಿ ಪದ್ಧತಿ ನಿರ್ಮೂಲನೆಗಾಗಿ ಸರಕಾರ ಹಲವು ಕಾನೂನು ರೂಪಿಸಿದ್ದು, ಇದನ್ನು ಆಚರಿಸುವವರಿಗೆ ಕಠಿಣ ಶಿಕ್ಷೆ ವಿಧಿಸಲಾಗುವುದು ಎಂದು ಎಚ್ಚರಿಸಿದರು.
ತಮ್ಮ ಮಕ್ಕಳಿಗೆ ಉತ್ತಮ ಶಿಕ್ಷಣ ಕೊಡಿಸಿ ಸಮಾಜದ ಮುಖ್ಯವಾಹಿನಿಗೆ ತರಬೇಕು. ಸರಕಾರದ ಸೌಲಭ್ಯಗಳನ್ನು ಸದುಪಯೋಗ ಪಡಿಸಿಕೊಳ್ಳಬೇಕು ಎಂದು ಕಿವಿಮಾತು ಹೇಳಿದರು. ಮಹಿಳಾ ಮತ್ತು ಮಕ್ಕಳ ಅಭಿವೃದ್ಧಿ ಇಲಾಖೆಯ ಅಧಿಕಾರಿಗಳು ವಿವಿಧ ಯೋಜನೆಗಳ ಬಗ್ಗೆ ಮಾಹಿತಿ ನೀಡಿದರು.
ಈ ಸಂದರ್ಭದಲ್ಲಿ ವಿವಿಧ ಇಲಾಖೆಗಳ ಅಧಿಕಾರಿಗಳು, ಸಿಬ್ಬಂದಿ, ಮಾಜಿ ದೇವದಾಸಿಯರು ಹಾಗೂ ಅವರ ಮಕ್ಕಳು ಉಪಸ್ಥಿತರಿದ್ದರು. ಸಂಗಮ್ಮ ಸ್ವಾಗತಿಸಿದರು. ಹುಲಿಗೆಮ್ಮ ಕಾರ್ಯಕ್ರಮ ನಿರೂಪಿಸಿದರು. ಶರಣಮ್ಮ ವಂದಿಸಿದರು. ನಂತರ ಸಾಮೂಹಿಕ ಪ್ರಮಾಣ ವಚನ ಬೋಧಿಸಲಾಯಿತು.
Galaxy S23 Ultra
08 September 2025 1:39 pm
